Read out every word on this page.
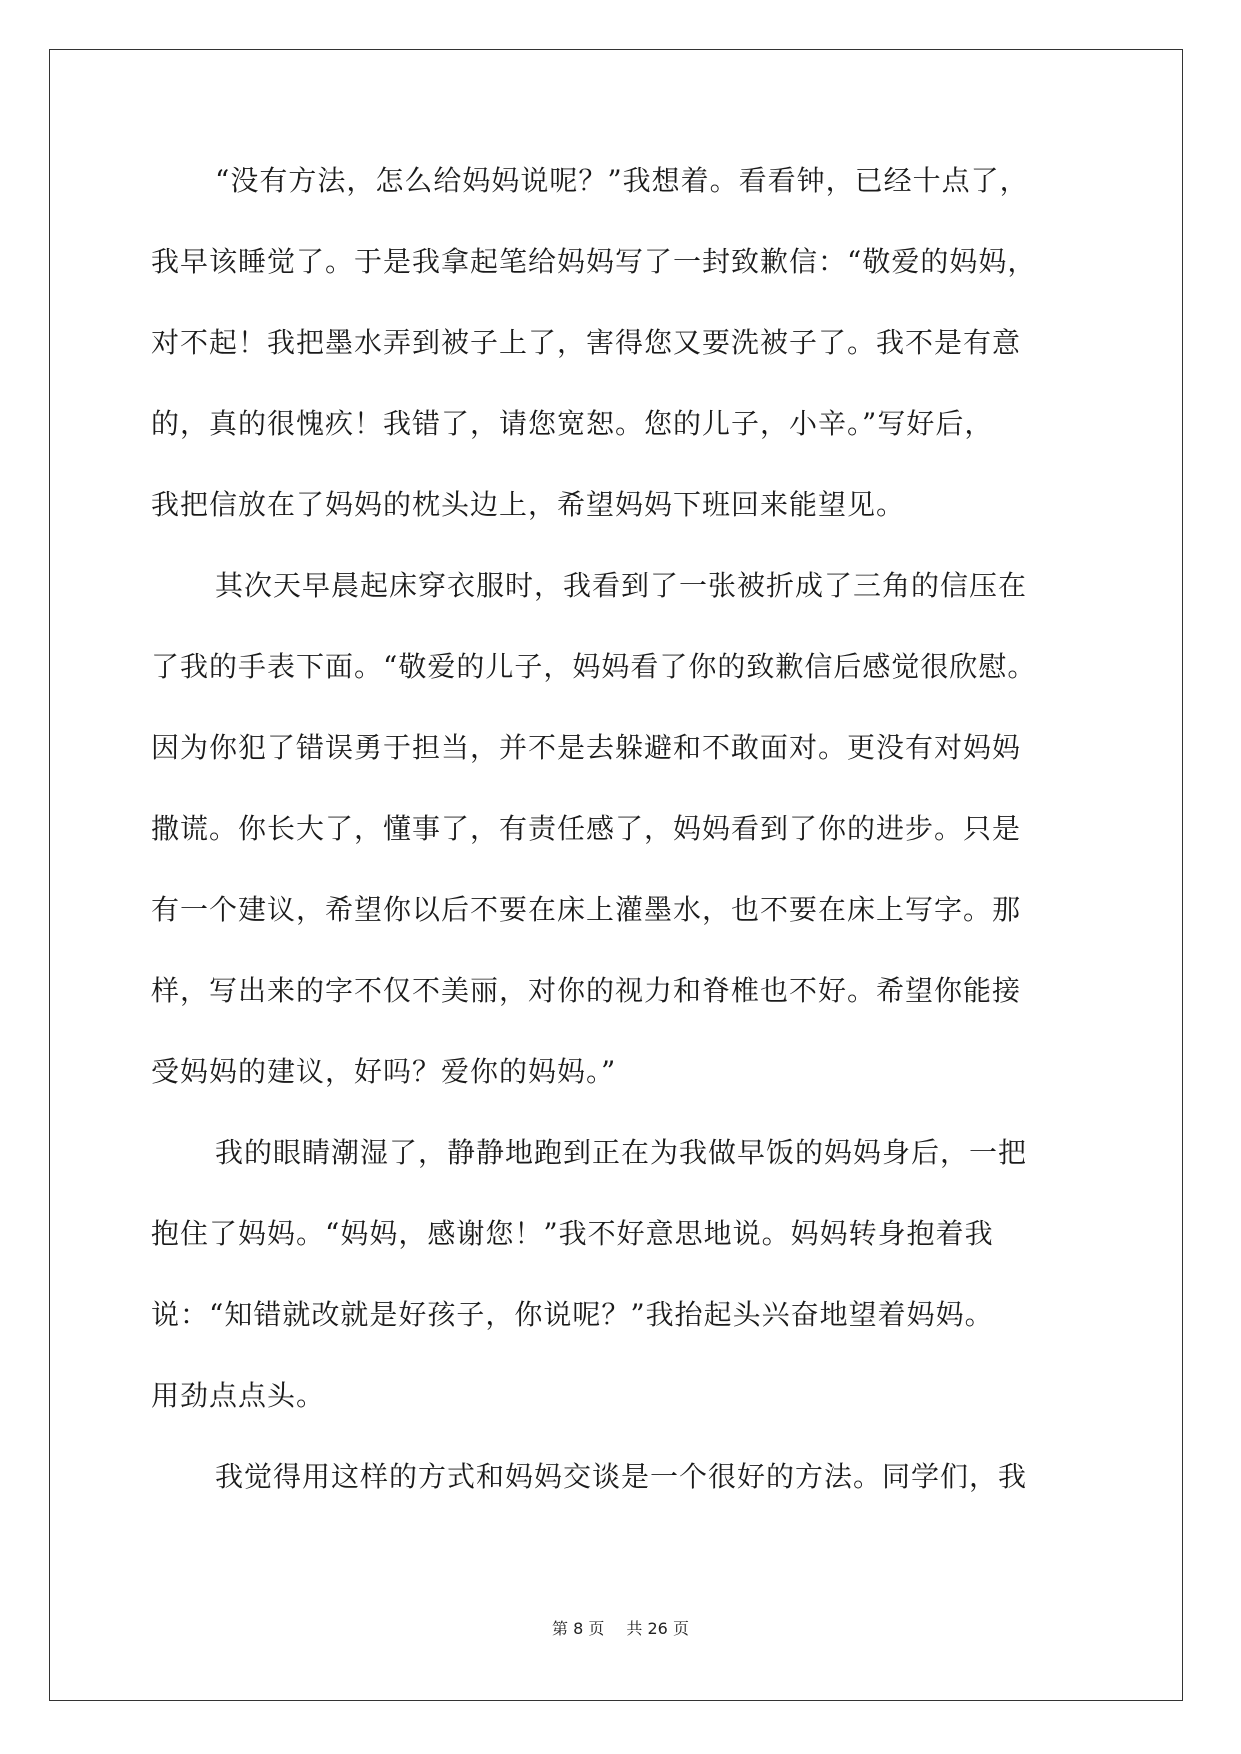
“没有方法，怎么给妈妈说呢？”我想着。看看钟，已经十点了，
我早该睡觉了。于是我拿起笔给妈妈写了一封致歉信：“敬爱的妈妈，
对不起！我把墨水弄到被子上了，害得您又要洗被子了。我不是有意
的，真的很愧疚！我错了，请您宽恕。您的儿子，小辛。”写好后，
我把信放在了妈妈的枕头边上，希望妈妈下班回来能望见。
其次天早晨起床穿衣服时，我看到了一张被折成了三角的信压在
了我的手表下面。“敬爱的儿子，妈妈看了你的致歉信后感觉很欣慰。
因为你犯了错误勇于担当，并不是去躲避和不敢面对。更没有对妈妈
撒谎。你长大了，懂事了，有责任感了，妈妈看到了你的进步。只是
有一个建议，希望你以后不要在床上灌墨水，也不要在床上写字。那
样，写出来的字不仅不美丽，对你的视力和脊椎也不好。希望你能接
受妈妈的建议，好吗？爱你的妈妈。”
我的眼睛潮湿了，静静地跑到正在为我做早饭的妈妈身后，一把
抱住了妈妈。“妈妈，感谢您！”我不好意思地说。妈妈转身抱着我
说：“知错就改就是好孩子，你说呢？”我抬起头兴奋地望着妈妈。
用劲点点头。
我觉得用这样的方式和妈妈交谈是一个很好的方法。同学们，我
第 8 页 共 26 页
